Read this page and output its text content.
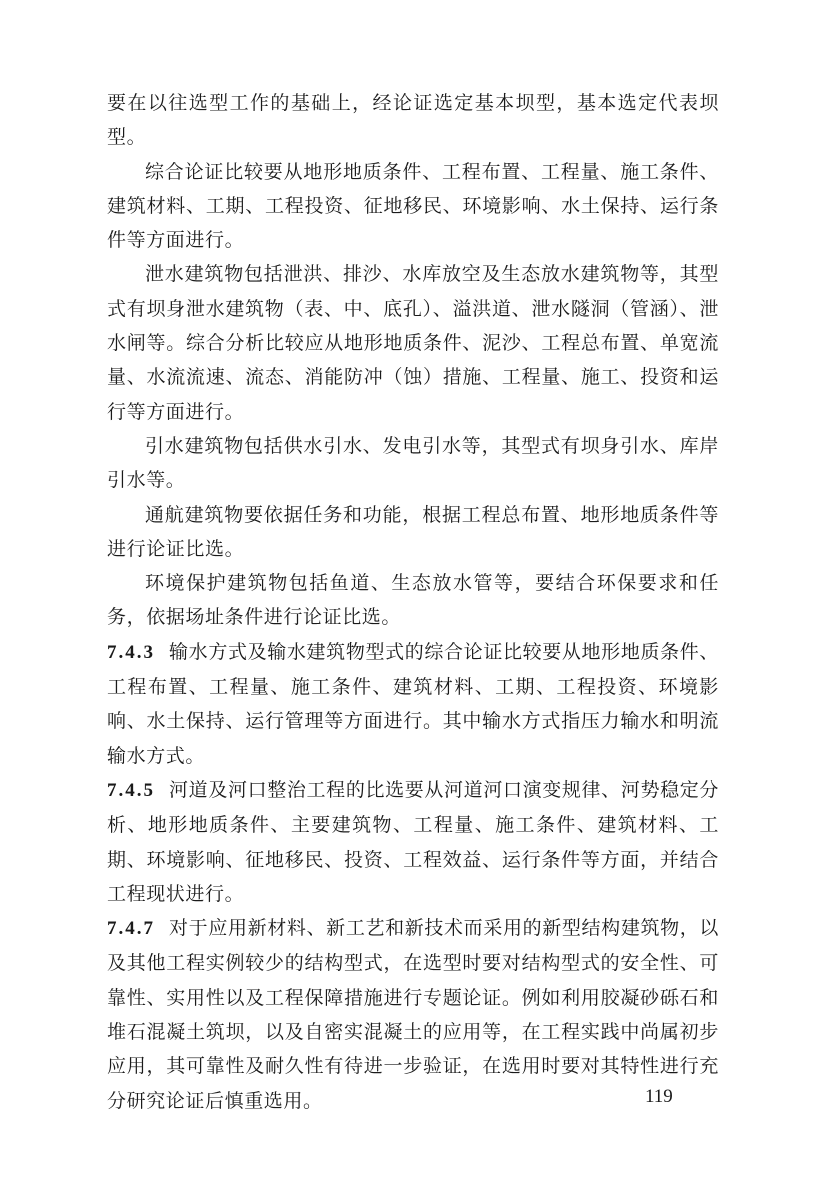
要在以往选型工作的基础上，经论证选定基本坝型，基本选定代表坝型。

综合论证比较要从地形地质条件、工程布置、工程量、施工条件、建筑材料、工期、工程投资、征地移民、环境影响、水土保持、运行条件等方面进行。

泄水建筑物包括泄洪、排沙、水库放空及生态放水建筑物等，其型式有坝身泄水建筑物（表、中、底孔）、溢洪道、泄水隧洞（管涵）、泄水闸等。综合分析比较应从地形地质条件、泥沙、工程总布置、单宽流量、水流流速、流态、消能防冲（蚀）措施、工程量、施工、投资和运行等方面进行。

引水建筑物包括供水引水、发电引水等，其型式有坝身引水、库岸引水等。

通航建筑物要依据任务和功能，根据工程总布置、地形地质条件等进行论证比选。

环境保护建筑物包括鱼道、生态放水管等，要结合环保要求和任务，依据场址条件进行论证比选。

7.4.3 输水方式及输水建筑物型式的综合论证比较要从地形地质条件、工程布置、工程量、施工条件、建筑材料、工期、工程投资、环境影响、水土保持、运行管理等方面进行。其中输水方式指压力输水和明流输水方式。

7.4.5 河道及河口整治工程的比选要从河道河口演变规律、河势稳定分析、地形地质条件、主要建筑物、工程量、施工条件、建筑材料、工期、环境影响、征地移民、投资、工程效益、运行条件等方面，并结合工程现状进行。

7.4.7 对于应用新材料、新工艺和新技术而采用的新型结构建筑物，以及其他工程实例较少的结构型式，在选型时要对结构型式的安全性、可靠性、实用性以及工程保障措施进行专题论证。例如利用胶凝砂砾石和堆石混凝土筑坝，以及自密实混凝土的应用等，在工程实践中尚属初步应用，其可靠性及耐久性有待进一步验证，在选用时要对其特性进行充分研究论证后慎重选用。	119
